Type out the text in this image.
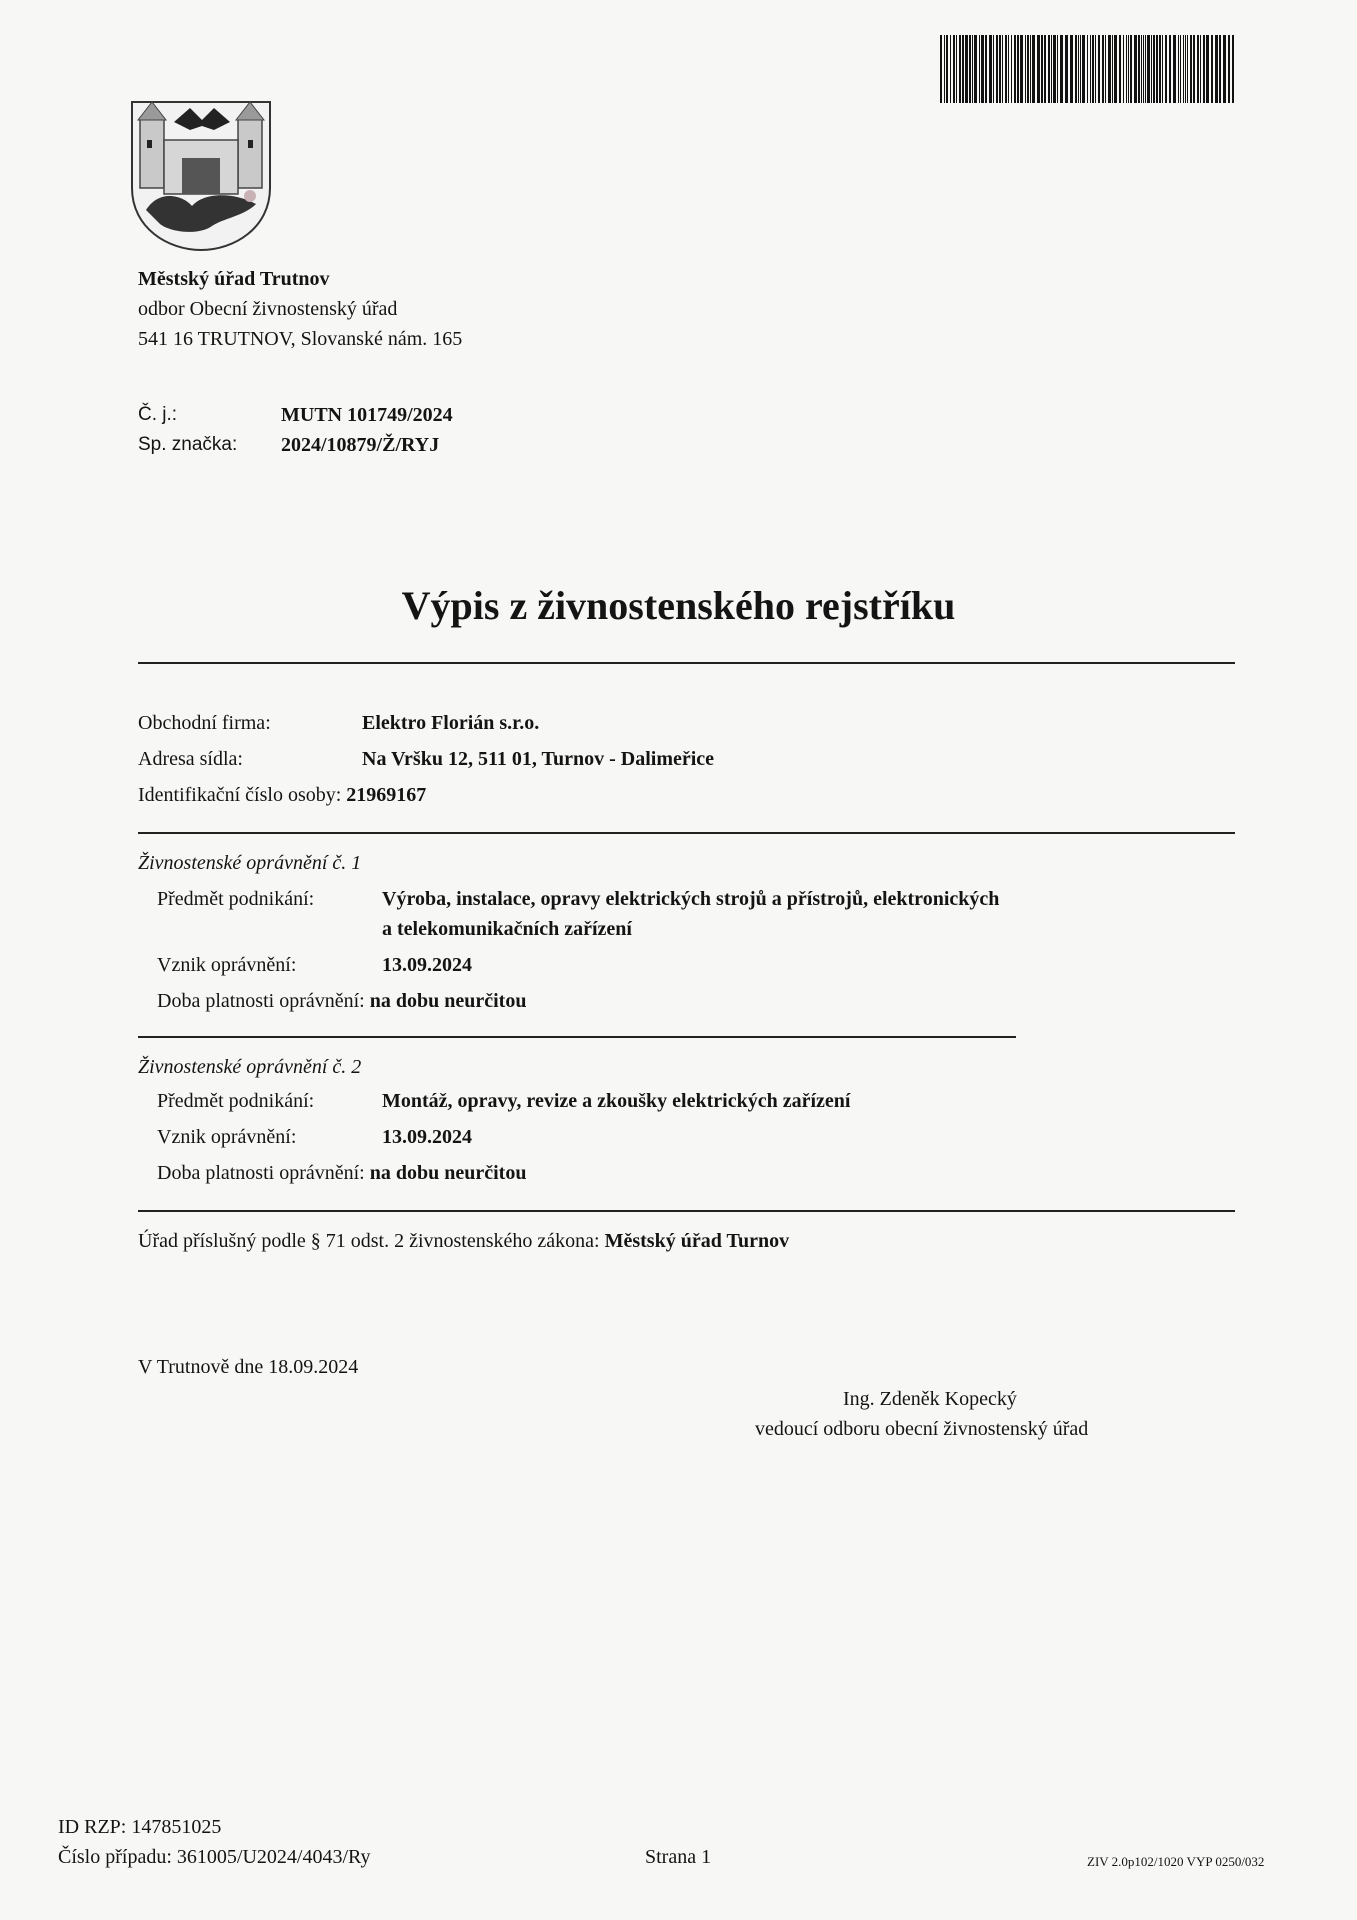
Městský úřad Trutnov
odbor Obecní živnostenský úřad
541 16 TRUTNOV, Slovanské nám. 165
Č. j.:	MUTN 101749/2024
Sp. značka: 2024/10879/Ž/RYJ
Výpis z živnostenského rejstříku
Obchodní firma:	Elektro Florián s.r.o.
Adresa sídla:	Na Vršku 12, 511 01, Turnov - Dalimeřice
Identifikační číslo osoby: 21969167
Živnostenské oprávnění č. 1
Předmět podnikání:	Výroba, instalace, opravy elektrických strojů a přístrojů, elektronických
a telekomunikačních zařízení
Vznik oprávnění:	13.09.2024
Doba platnosti oprávnění: na dobu neurčitou
Živnostenské oprávnění č. 2
Předmět podnikání:	Montáž, opravy, revize a zkoušky elektrických zařízení
Vznik oprávnění:	13.09.2024
Doba platnosti oprávnění: na dobu neurčitou
Úřad příslušný podle § 71 odst. 2 živnostenského zákona: Městský úřad Turnov
V Trutnově dne 18.09.2024
Ing. Zdeněk Kopecký
vedoucí odboru obecní živnostenský úřad
ID RZP: 147851025
Číslo případu: 361005/U2024/4043/Ry	Strana 1	ZIV 2.0p102/1020 VYP 0250/032
